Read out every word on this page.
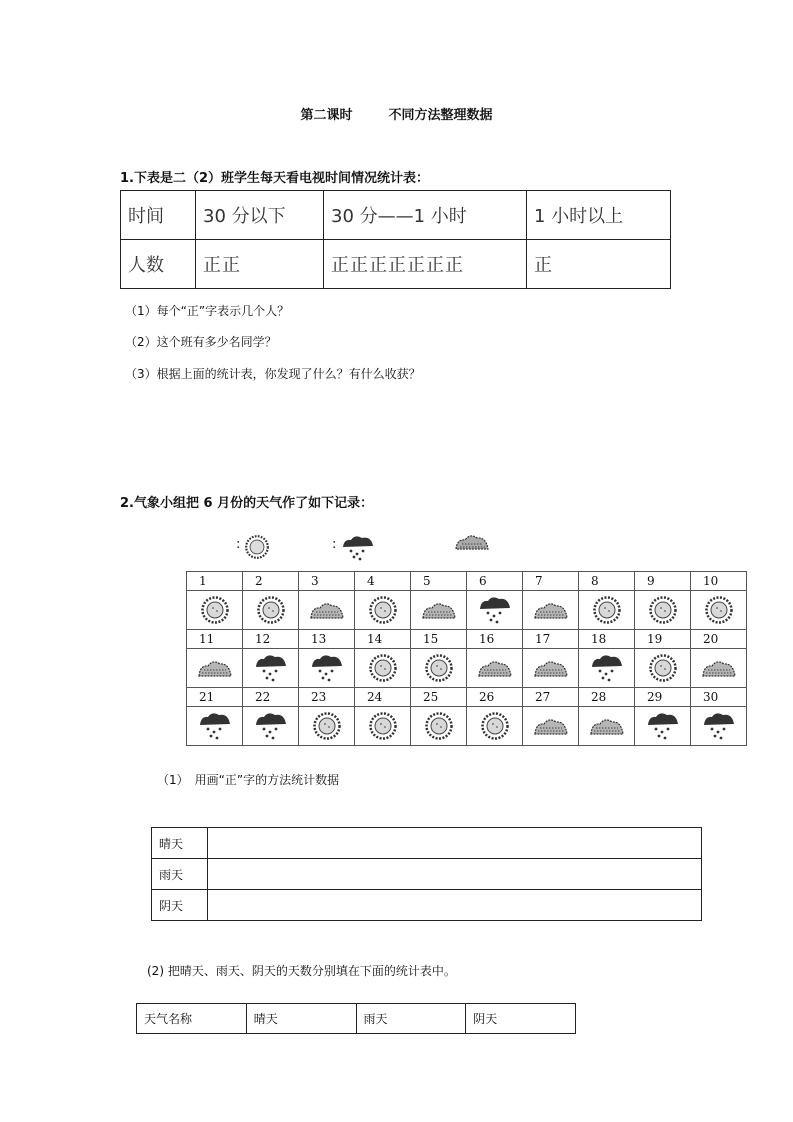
第二课时	不同方法整理数据
1.下表是二（2）班学生每天看电视时间情况统计表：
时间	30 分以下	30 分——1 小时	1 小时以上
人数	正正	正正正正正正正	正
（1）每个“正”字表示几个人？
（2）这个班有多少名同学？
（3）根据上面的统计表，你发现了什么？有什么收获？
2.气象小组把 6 月份的天气作了如下记录：
:	:
1	2	3	4	5	6	7	8	9	10

11	12	13	14	15	16	17	18	19	20

21	22	23	24	25	26	27	28	29	30

（1）　用画“正”字的方法统计数据
晴天	
雨天	
阴天	
(2) 把晴天、雨天、阴天的天数分别填在下面的统计表中。
天气名称	晴天	雨天	阴天
